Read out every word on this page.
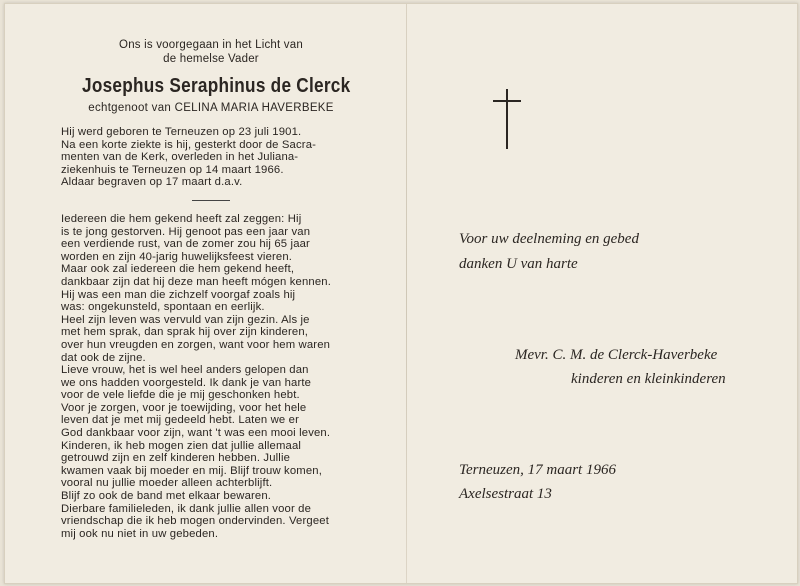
Ons is voorgegaan in het Licht van
de hemelse Vader
Josephus Seraphinus de Clerck
echtgenoot van CELINA MARIA HAVERBEKE
Hij werd geboren te Terneuzen op 23 juli 1901.
Na een korte ziekte is hij, gesterkt door de Sacra-
menten van de Kerk, overleden in het Juliana-
ziekenhuis te Terneuzen op 14 maart 1966.
Aldaar begraven op 17 maart d.a.v.
Iedereen die hem gekend heeft zal zeggen: Hij
is te jong gestorven. Hij genoot pas een jaar van
een verdiende rust, van de zomer zou hij 65 jaar
worden en zijn 40-jarig huwelijksfeest vieren.
Maar ook zal iedereen die hem gekend heeft,
dankbaar zijn dat hij deze man heeft mógen kennen.
Hij was een man die zichzelf voorgaf zoals hij
was: ongekunsteld, spontaan en eerlijk.
Heel zijn leven was vervuld van zijn gezin. Als je
met hem sprak, dan sprak hij over zijn kinderen,
over hun vreugden en zorgen, want voor hem waren
dat ook de zijne.
Lieve vrouw, het is wel heel anders gelopen dan
we ons hadden voorgesteld. Ik dank je van harte
voor de vele liefde die je mij geschonken hebt.
Voor je zorgen, voor je toewijding, voor het hele
leven dat je met mij gedeeld hebt. Laten we er
God dankbaar voor zijn, want 't was een mooi leven.
Kinderen, ik heb mogen zien dat jullie allemaal
getrouwd zijn en zelf kinderen hebben. Jullie
kwamen vaak bij moeder en mij. Blijf trouw komen,
vooral nu jullie moeder alleen achterblijft.
Blijf zo ook de band met elkaar bewaren.
Dierbare familieleden, ik dank jullie allen voor de
vriendschap die ik heb mogen ondervinden. Vergeet
mij ook nu niet in uw gebeden.
Voor uw deelneming en gebed
danken U van harte
Mevr. C. M. de Clerck-Haverbeke
kinderen en kleinkinderen
Terneuzen, 17 maart 1966
Axelsestraat 13
